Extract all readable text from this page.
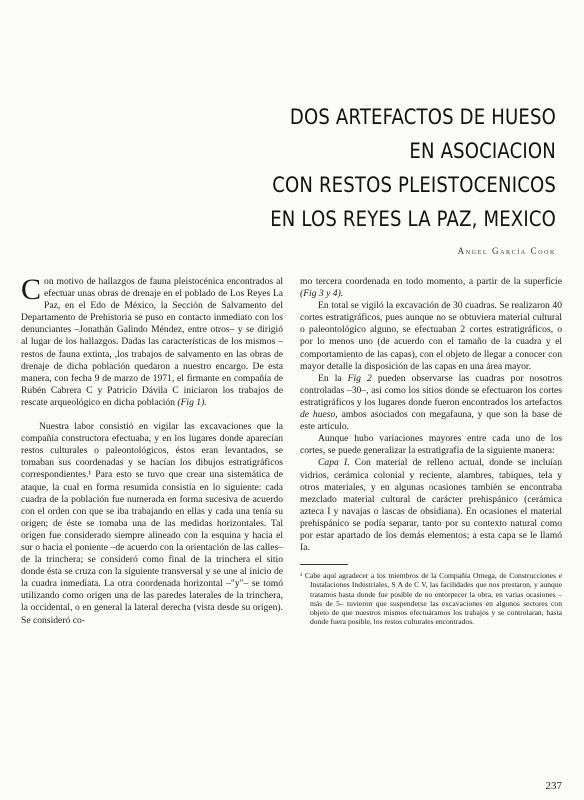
DOS ARTEFACTOS DE HUESO
EN ASOCIACION
CON RESTOS PLEISTOCENICOS
EN LOS REYES LA PAZ, MEXICO
Angel García Cook

Con motivo de hallazgos de fauna pleistocénica encontrados al efectuar unas obras de drenaje en el poblado de Los Reyes La Paz, en el Edo de México, la Sección de Salvamento del Departamento de Prehistoria se puso en contacto inmediato con los denunciantes –Jonathán Galindo Méndez, entre otros– y se dirigió al lugar de los hallazgos. Dadas las características de los mismos –restos de fauna extinta, ,los trabajos de salvamento en las obras de drenaje de dicha población quedaron a nuestro encargo. De esta manera, con fecha 9 de marzo de 1971, el firmante en compañía de Rubén Cabrera C y Patricio Dávila C iniciaron los trabajos de rescate arqueológico en dicha población (Fig 1).

Nuestra labor consistió en vigilar las excavaciones que la compañía constructora efectuaba, y en los lugares donde aparecían restos culturales o paleontológicos, éstos eran levantados, se tomaban sus coordenadas y se hacían los dibujos estratigráficos correspondientes.¹ Para esto se tuvo que crear una sistemática de ataque, la cual en forma resumida consistía en lo siguiente: cada cuadra de la población fue numerada en forma sucesiva de acuerdo con el orden con que se iba trabajando en ellas y cada una tenía su origen; de éste se tomaba una de las medidas horizontales. Tal origen fue considerado siempre alineado con la esquina y hacia el sur o hacia el poniente –de acuerdo con la orientación de las calles– de la trinchera; se consideró como final de la trinchera el sitio donde ésta se cruza con la siguiente transversal y se une al inicio de la cuadra inmediata. La otra coordenada horizontal –"y"– se tomó utilizando como origen una de las paredes laterales de la trinchera, la occidental, o en general la lateral derecha (vista desde su origen). Se consideró co-

mo tercera coordenada en todo momento, a partir de la superficie (Fig 3 y 4).

En total se vigiló la excavación de 30 cuadras. Se realizaron 40 cortes estratigráficos, pues aunque no se obtuviera material cultural o paleontológico alguno, se efectuaban 2 cortes estratigráficos, o por lo menos uno (de acuerdo con el tamaño de la cuadra y el comportamiento de las capas), con el objeto de llegar a conocer con mayor detalle la disposición de las capas en una área mayor.

En la Fig 2 pueden observarse las cuadras por nosotros controladas –30–, así como los sitios donde se efectuaron los cortes estratigráficos y los lugares donde fueron encontrados los artefactos de hueso, ambos asociados con megafauna, y que son la base de este artículo.

Aunque hubo variaciones mayores entre cada uno de los cortes, se puede generalizar la estratigrafía de la siguiente manera:

Capa I. Con material de relleno actual, donde se incluían vidrios, cerámica colonial y reciente, alambres, tabiques, tela y otros materiales, y en algunas ocasiones también se encontraba mezclado material cultural de carácter prehispánico (cerámica azteca I y navajas o lascas de obsidiana). En ocasiones el material prehispánico se podía separar, tanto por su contexto natural como por estar apartado de los demás elementos; a esta capa se le llamó Ia.

¹ Cabe aquí agradecer a los miembros de la Compañía Omega, de Construcciones e Instalaciones Industriales, S A de C V, las facilidades que nos prestaron, y aunque tratamos hasta donde fue posible de no entorpecer la obra, en varias ocasiones –más de 5– tuvieron que suspenderse las excavaciones en algunos sectores con objeto de que nuestros mismos efectuáramos los trabajos y se controlaran, hasta donde fuera posible, los restos culturales encontrados.
237
